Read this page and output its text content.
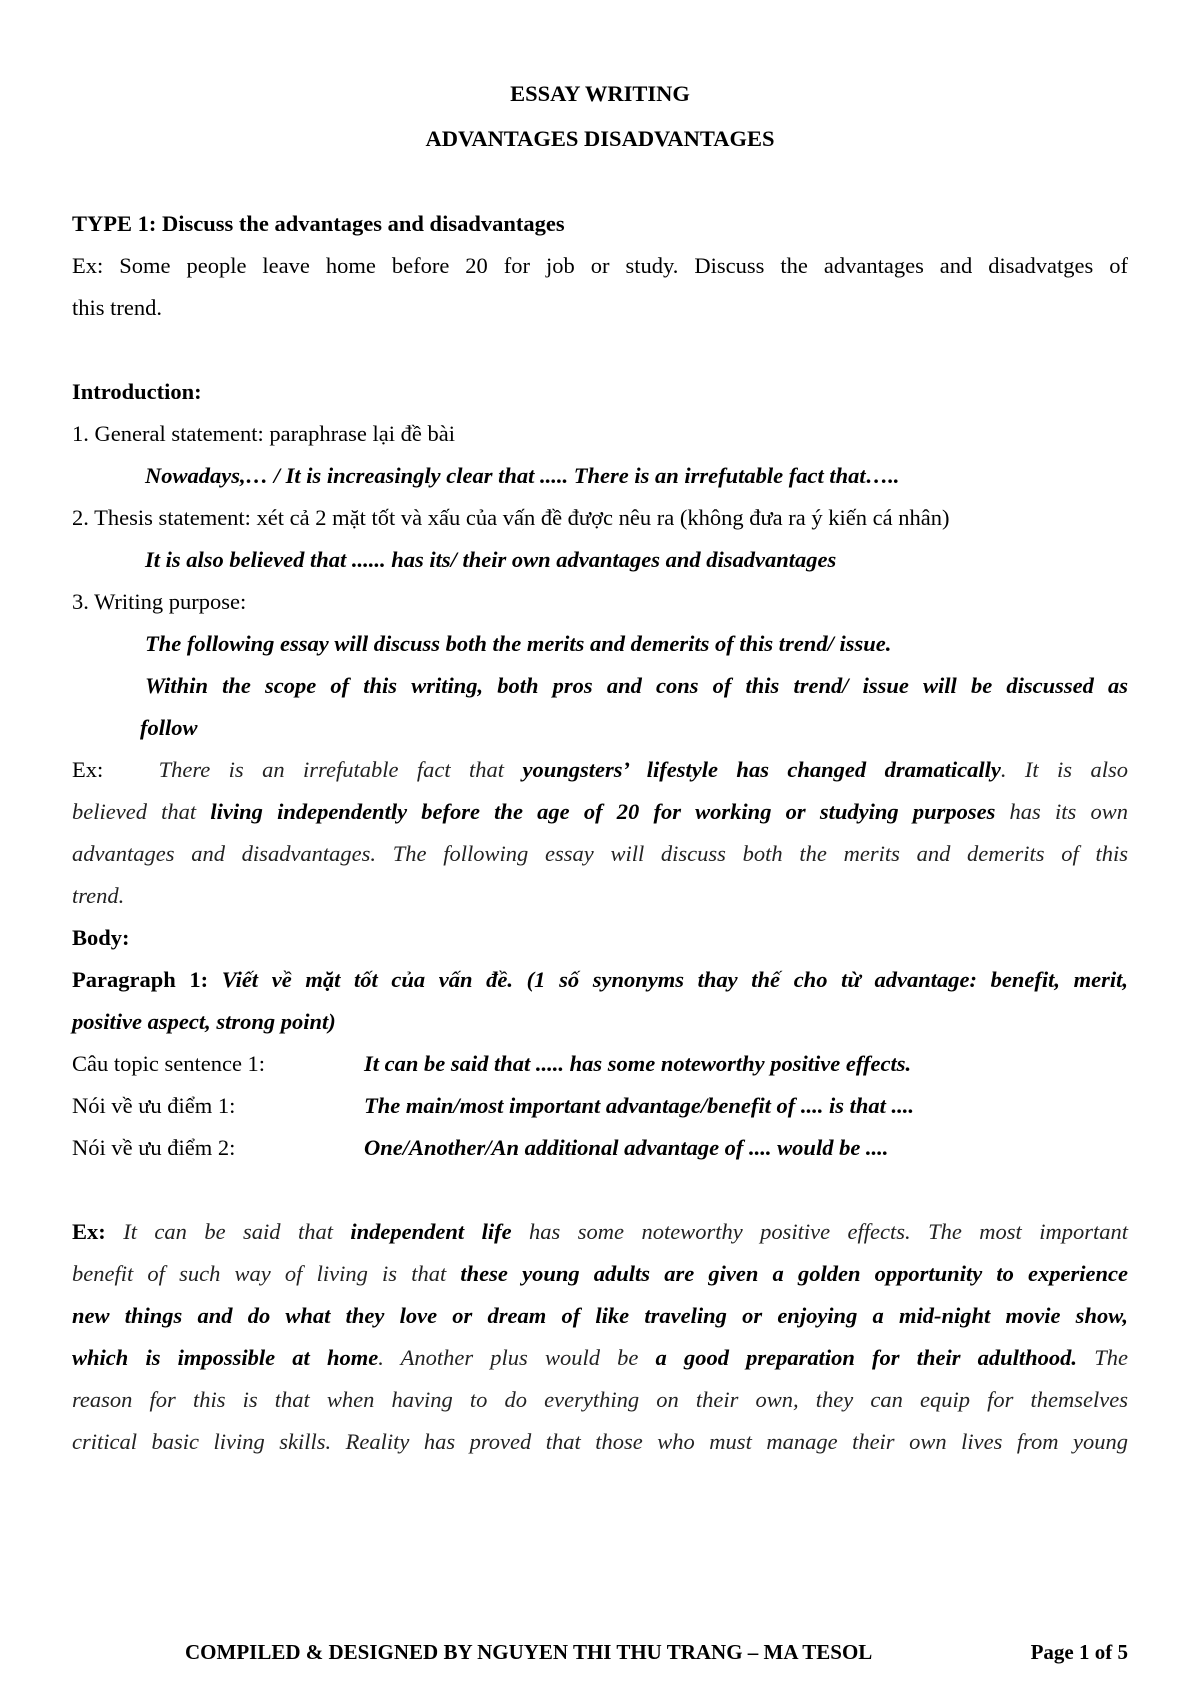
ESSAY WRITING
ADVANTAGES DISADVANTAGES
TYPE 1: Discuss the advantages and disadvantages
Ex: Some people leave home before 20 for job or study. Discuss the advantages and disadvatges of
this trend.
Introduction:
1. General statement: paraphrase lại đề bài
Nowadays,… / It is increasingly clear that ..... There is an irrefutable fact that…..
2. Thesis statement: xét cả 2 mặt tốt và xấu của vấn đề được nêu ra (không đưa ra ý kiến cá nhân)
It is also believed that ...... has its/ their own advantages and disadvantages
3. Writing purpose:
The following essay will discuss both the merits and demerits of this trend/ issue.
Within the scope of this writing, both pros and cons of this trend/ issue will be discussed as
follow
Ex: There is an irrefutable fact that youngsters’ lifestyle has changed dramatically. It is also
believed that living independently before the age of 20 for working or studying purposes has its own
advantages and disadvantages. The following essay will discuss both the merits and demerits of this
trend.
Body:
Paragraph 1: Viết về mặt tốt của vấn đề. (1 số synonyms thay thế cho từ advantage: benefit, merit,
positive aspect, strong point)
Câu topic sentence 1:	It can be said that ..... has some noteworthy positive effects.
Nói về ưu điểm 1:	The main/most important advantage/benefit of .... is that ....
Nói về ưu điểm 2:	One/Another/An additional advantage of .... would be ....
Ex: It can be said that independent life has some noteworthy positive effects. The most important
benefit of such way of living is that these young adults are given a golden opportunity to experience
new things and do what they love or dream of like traveling or enjoying a mid-night movie show,
which is impossible at home. Another plus would be a good preparation for their adulthood. The
reason for this is that when having to do everything on their own, they can equip for themselves
critical basic living skills. Reality has proved that those who must manage their own lives from young
COMPILED & DESIGNED BY NGUYEN THI THU TRANG – MA TESOL	Page 1 of 5
